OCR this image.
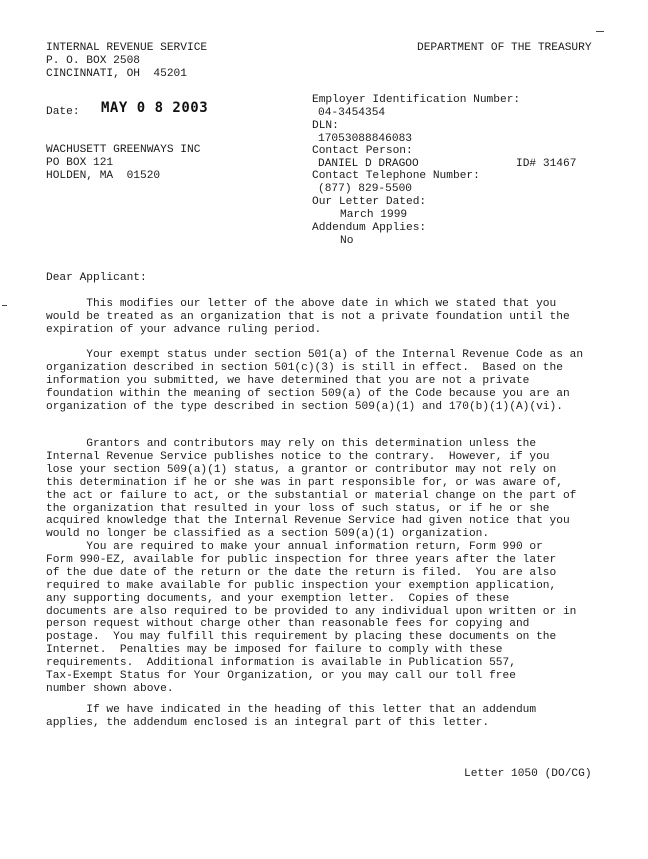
INTERNAL REVENUE SERVICE
P. O. BOX 2508
CINCINNATI, OH  45201
DEPARTMENT OF THE TREASURY
Date: MAY 0 8 2003
WACHUSETT GREENWAYS INC
PO BOX 121
HOLDEN, MA  01520
Employer Identification Number:
04-3454354
DLN:
17053088846083
Contact Person:
DANIEL D DRAGOO	ID# 31467
Contact Telephone Number:
(877) 829-5500
Our Letter Dated:
March 1999
Addendum Applies:
No
Dear Applicant:
This modifies our letter of the above date in which we stated that you
would be treated as an organization that is not a private foundation until the
expiration of your advance ruling period.
Your exempt status under section 501(a) of the Internal Revenue Code as an
organization described in section 501(c)(3) is still in effect.  Based on the
information you submitted, we have determined that you are not a private
foundation within the meaning of section 509(a) of the Code because you are an
organization of the type described in section 509(a)(1) and 170(b)(1)(A)(vi).
Grantors and contributors may rely on this determination unless the
Internal Revenue Service publishes notice to the contrary.  However, if you
lose your section 509(a)(1) status, a grantor or contributor may not rely on
this determination if he or she was in part responsible for, or was aware of,
the act or failure to act, or the substantial or material change on the part of
the organization that resulted in your loss of such status, or if he or she
acquired knowledge that the Internal Revenue Service had given notice that you
would no longer be classified as a section 509(a)(1) organization.
You are required to make your annual information return, Form 990 or
Form 990-EZ, available for public inspection for three years after the later
of the due date of the return or the date the return is filed.  You are also
required to make available for public inspection your exemption application,
any supporting documents, and your exemption letter.  Copies of these
documents are also required to be provided to any individual upon written or in
person request without charge other than reasonable fees for copying and
postage.  You may fulfill this requirement by placing these documents on the
Internet.  Penalties may be imposed for failure to comply with these
requirements.  Additional information is available in Publication 557,
Tax-Exempt Status for Your Organization, or you may call our toll free
number shown above.
If we have indicated in the heading of this letter that an addendum
applies, the addendum enclosed is an integral part of this letter.
Letter 1050 (DO/CG)
